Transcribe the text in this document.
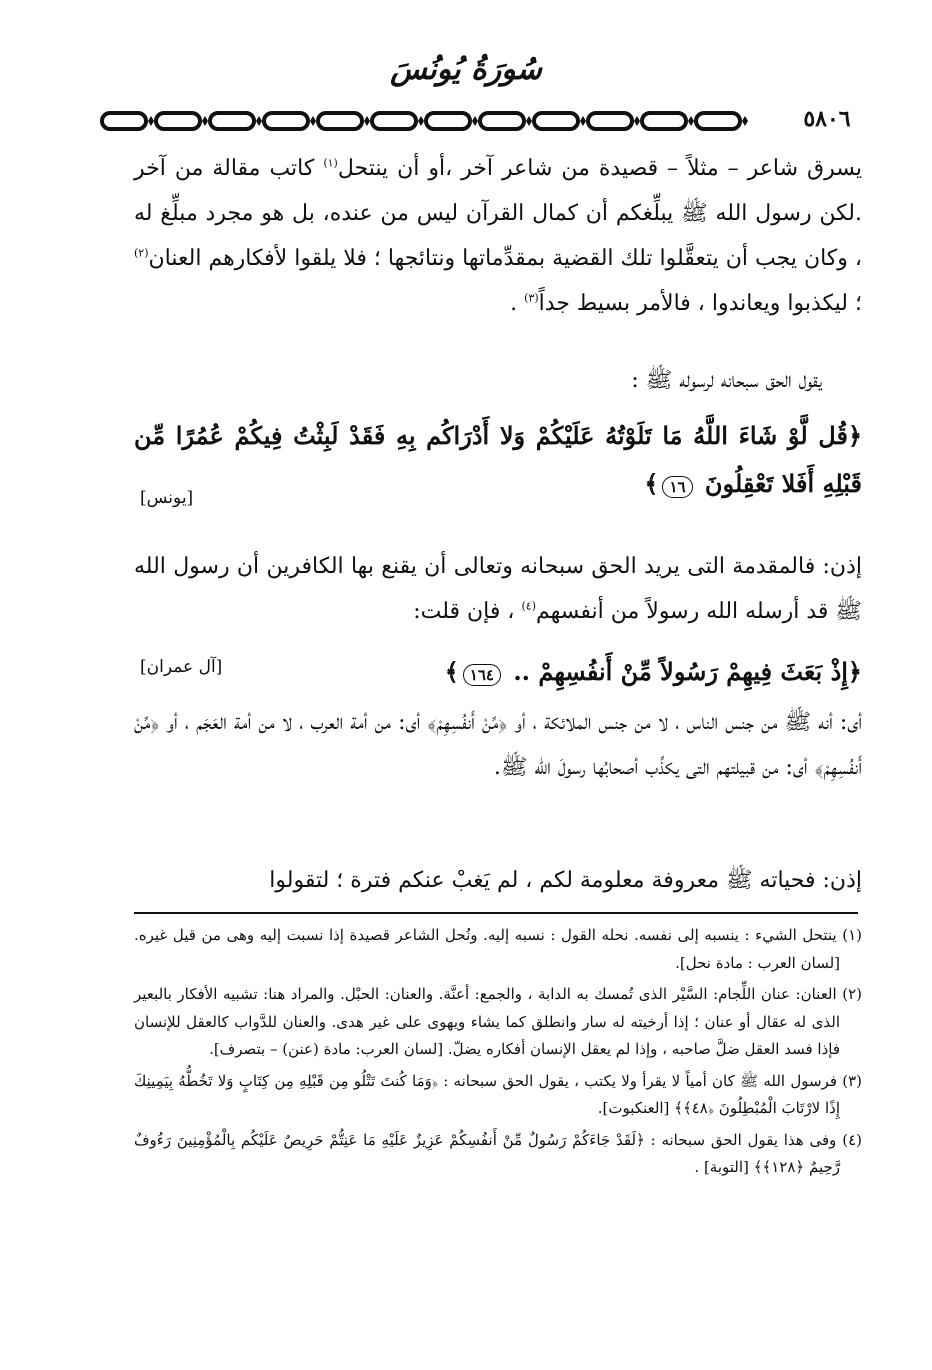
سُورَةُ يُونُسَ
٥٨٠٦
يسرق شاعر – مثلاً – قصيدة من شاعر آخر ،أو أن ينتحل$^{(١)}$ كاتب مقالة من آخر .لكن رسول الله ﷺ يبلِّغكم أن كمال القرآن ليس من عنده، بل هو مجرد مبلِّغ له ، وكان يجب أن يتعقَّلوا تلك القضية بمقدِّماتها ونتائجها ؛ فلا يلقوا لأفكارهم العنان$^{(٢)}$ ؛ ليكذبوا ويعاندوا ، فالأمر بسيط جداً$^{(٣)}$ .
يقول الحق سبحانه لرسوله ﷺ :
﴿قُل لَّوْ شَاءَ اللَّهُ مَا تَلَوْتُهُ عَلَيْكُمْ وَلا أَدْرَاكُم بِهِ فَقَدْ لَبِثْتُ فِيكُمْ عُمُرًا مِّن قَبْلِهِ أَفَلا تَعْقِلُونَ ١٦﴾
[يونس]
إذن: فالمقدمة التى يريد الحق سبحانه وتعالى أن يقنع بها الكافرين أن رسول الله ﷺ قد أرسله الله رسولاً من أنفسهم$^{(٤)}$ ، فإن قلت:
﴿إِذْ بَعَثَ فِيهِمْ رَسُولاً مِّنْ أَنفُسِهِمْ .. ١٦٤﴾
[آل عمران]
أى: أنه ﷺ من جنس الناس ، لا من جنس الملائكة ، أو ﴿مِّنْ أَنفُسِهِمْ﴾ أى: من أمة العرب ، لا من أمة العَجَم ، أو ﴿مِّنْ أَنفُسِهِمْ﴾ أى: من قبيلتهم التى يكذِّب أصحابُها رسولَ الله ﷺ.
إذن: فحياته ﷺ معروفة معلومة لكم ، لم يَغبْ عنكم فترة ؛ لتقولوا

(١) ينتحل الشيء : ينسبه إلى نفسه. نحله القول : نسبه إليه. ونُحل الشاعر قصيدة إذا نسبت إليه وهى من قيل غيره. [لسان العرب : مادة نحل].

(٢) العنان: عنان اللِّجام: السَّيْر الذى تُمسك به الدابة ، والجمع: أعنَّة. والعنان: الحبْل. والمراد هنا: تشبيه الأفكار بالبعير الذى له عقال أو عنان ؛ إذا أرخيته له سار وانطلق كما يشاء ويهوى على غير هدى. والعنان للدَّواب كالعقل للإنسان فإذا فسد العقل ضلَّ صاحبه ، وإذا لم يعقل الإنسان أفكاره يضلّ. [لسان العرب: مادة (عنن) – بتصرف].

(٣) فرسول الله ﷺ كان أمياً لا يقرأ ولا يكتب ، يقول الحق سبحانه : ﴿وَمَا كُنتَ تَتْلُو مِن قَبْلِهِ مِن كِتَابٍ وَلا تَخُطُّهُ بِيَمِينِكَ إِذًا لارْتَابَ الْمُبْطِلُونَ ﴿٤٨﴾﴾ [العنكبوت].

(٤) وفى هذا يقول الحق سبحانه : ﴿لَقَدْ جَاءَكُمْ رَسُولٌ مِّنْ أَنفُسِكُمْ عَزِيزٌ عَلَيْهِ مَا عَنِتُّمْ حَرِيصٌ عَلَيْكُم بِالْمُؤْمِنِينَ رَءُوفٌ رَّحِيمٌ ﴿١٢٨﴾﴾ [التوبة] .
